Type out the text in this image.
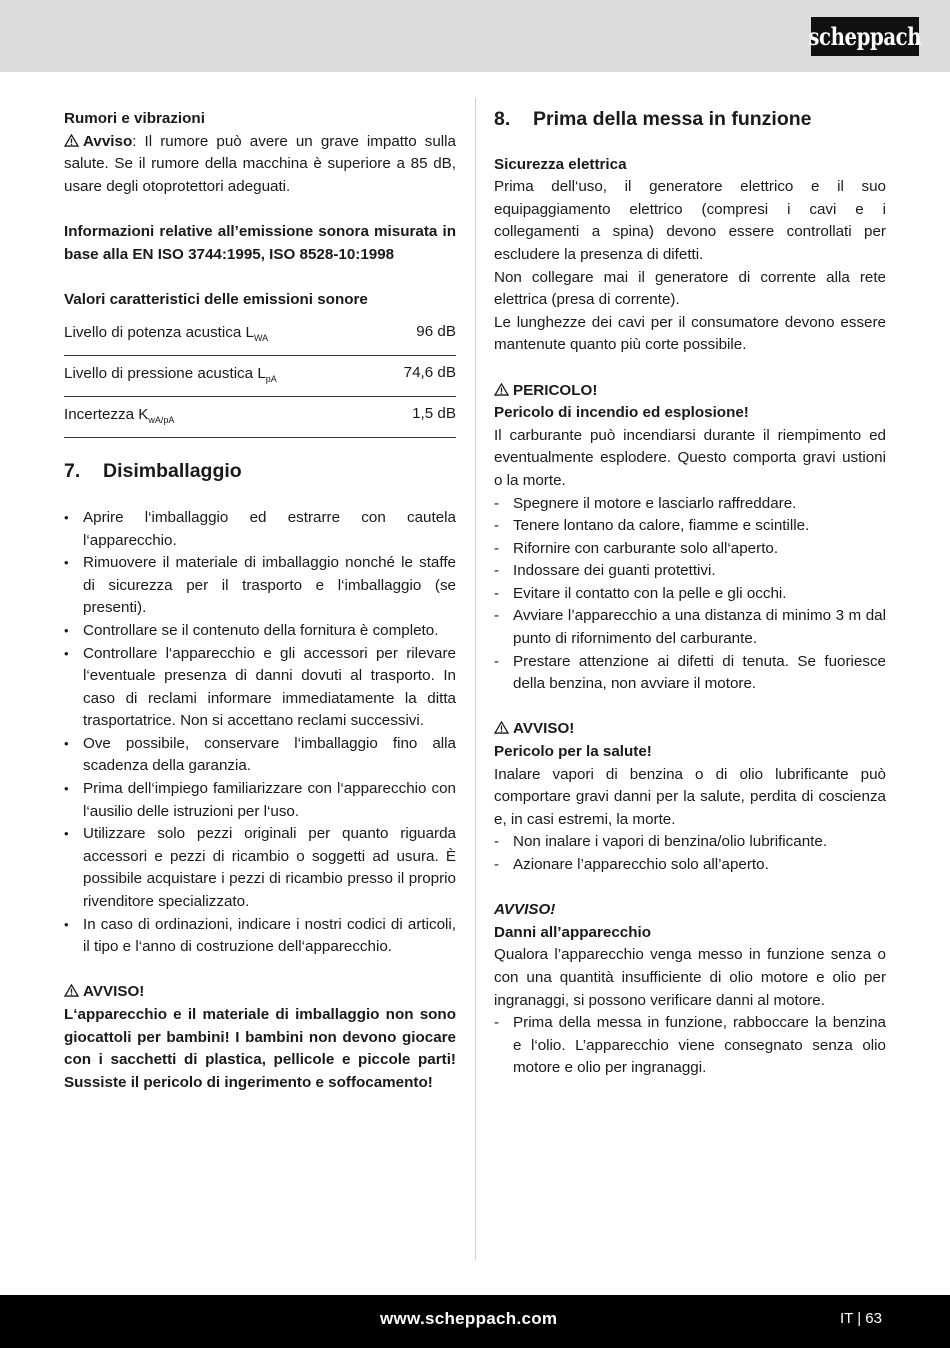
scheppach

Rumori e vibrazioni

Avviso: Il rumore può avere un grave impatto sulla salute. Se il rumore della macchina è superiore a 85 dB, usare degli otoprotettori adeguati.

Informazioni relative all’emissione sonora misurata in base alla EN ISO 3744:1995, ISO 8528-10:1998

Valori caratteristici delle emissioni sonore

Livello di potenza acustica $L_{WA}$	96 dB
Livello di pressione acustica $L_{pA}$	74,6 dB
Incertezza $K_{wA/pA}$	1,5 dB
7.	Disimballaggio
• Aprire l‘imballaggio ed estrarre con cautela l‘apparecchio.
• Rimuovere il materiale di imballaggio nonché le staffe di sicurezza per il trasporto e l‘imballaggio (se presenti).
• Controllare se il contenuto della fornitura è completo.
• Controllare l‘apparecchio e gli accessori per rilevare l‘eventuale presenza di danni dovuti al trasporto. In caso di reclami informare immediatamente la ditta trasportatrice. Non si accettano reclami successivi.
• Ove possibile, conservare l‘imballaggio fino alla scadenza della garanzia.
• Prima dell‘impiego familiarizzare con l‘apparecchio con l‘ausilio delle istruzioni per l‘uso.
• Utilizzare solo pezzi originali per quanto riguarda accessori e pezzi di ricambio o soggetti ad usura. È possibile acquistare i pezzi di ricambio presso il proprio rivenditore specializzato.
• In caso di ordinazioni, indicare i nostri codici di articoli, il tipo e l‘anno di costruzione dell‘apparecchio.

AVVISO!

L‘apparecchio e il materiale di imballaggio non sono giocattoli per bambini! I bambini non devono giocare con i sacchetti di plastica, pellicole e piccole parti! Sussiste il pericolo di ingerimento e soffocamento!

8.	Prima della messa in funzione

Sicurezza elettrica

Prima dell‘uso, il generatore elettrico e il suo equipaggiamento elettrico (compresi i cavi e i collegamenti a spina) devono essere controllati per escludere la presenza di difetti.

Non collegare mai il generatore di corrente alla rete elettrica (presa di corrente).

Le lunghezze dei cavi per il consumatore devono essere mantenute quanto più corte possibile.

PERICOLO!

Pericolo di incendio ed esplosione!

Il carburante può incendiarsi durante il riempimento ed eventualmente esplodere. Questo comporta gravi ustioni o la morte.

- Spegnere il motore e lasciarlo raffreddare.
- Tenere lontano da calore, fiamme e scintille.
- Rifornire con carburante solo all‘aperto.
- Indossare dei guanti protettivi.
- Evitare il contatto con la pelle e gli occhi.
- Avviare l’apparecchio a una distanza di minimo 3 m dal punto di rifornimento del carburante.
- Prestare attenzione ai difetti di tenuta. Se fuoriesce della benzina, non avviare il motore.

AVVISO!

Pericolo per la salute!

Inalare vapori di benzina o di olio lubrificante può comportare gravi danni per la salute, perdita di coscienza e, in casi estremi, la morte.

- Non inalare i vapori di benzina/olio lubrificante.
- Azionare l’apparecchio solo all’aperto.

AVVISO!

Danni all’apparecchio

Qualora l’apparecchio venga messo in funzione senza o con una quantità insufficiente di olio motore e olio per ingranaggi, si possono verificare danni al motore.

- Prima della messa in funzione, rabboccare la benzina e l‘olio. L’apparecchio viene consegnato senza olio motore e olio per ingranaggi.
www.scheppach.com	IT | 63
